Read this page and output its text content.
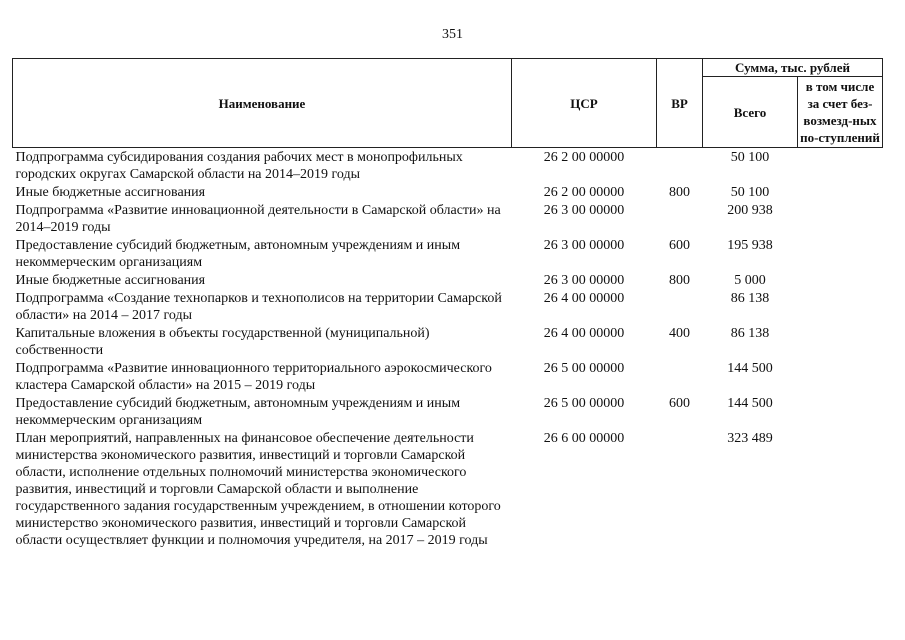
351
Наименование	ЦСР	ВР	Сумма, тыс. рублей	
			Всего	в том числе за счет без-возмезд-ных по-ступлений
Подпрограмма субсидирования создания рабочих мест в монопрофильных городских округах Самарской области на 2014–2019 годы	26 2 00 00000		50 100	
Иные бюджетные ассигнования	26 2 00 00000	800	50 100	
Подпрограмма «Развитие инновационной деятельности в Самарской области» на 2014–2019 годы	26 3 00 00000		200 938	
Предоставление субсидий бюджетным, автономным учреждениям и иным некоммерческим организациям	26 3 00 00000	600	195 938	
Иные бюджетные ассигнования	26 3 00 00000	800	5 000	
Подпрограмма «Создание технопарков и технополисов на территории Самарской области» на 2014 – 2017 годы	26 4 00 00000		86 138	
Капитальные вложения в объекты государственной (муниципальной) собственности	26 4 00 00000	400	86 138	
Подпрограмма «Развитие инновационного территориального аэрокосмического кластера Самарской области» на 2015 – 2019 годы	26 5 00 00000		144 500	
Предоставление субсидий бюджетным, автономным учреждениям и иным некоммерческим организациям	26 5 00 00000	600	144 500	
План мероприятий, направленных на финансовое обеспечение деятельности министерства экономического развития, инвестиций и торговли Самарской области, исполнение отдельных полномочий министерства экономического развития, инвестиций и торговли Самарской области и выполнение государственного задания государственным учреждением, в отношении которого министерство экономического развития, инвестиций и торговли Самарской области осуществляет функции и полномочия учредителя, на 2017 – 2019 годы	26 6 00 00000		323 489	
